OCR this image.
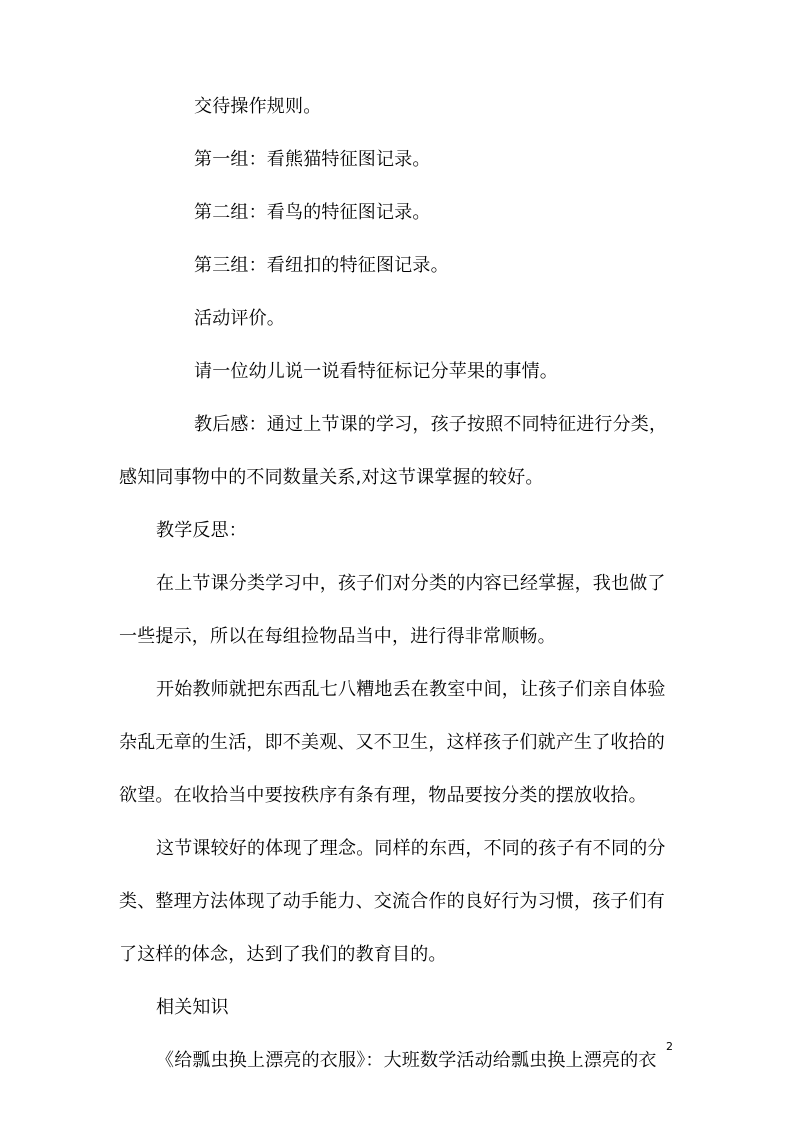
交待操作规则。
第一组：看熊猫特征图记录。
第二组：看鸟的特征图记录。
第三组：看纽扣的特征图记录。
活动评价。
请一位幼儿说一说看特征标记分苹果的事情。
教后感：通过上节课的学习，孩子按照不同特征进行分类，
感知同事物中的不同数量关系,对这节课掌握的较好。
教学反思：
在上节课分类学习中，孩子们对分类的内容已经掌握，我也做了
一些提示，所以在每组捡物品当中，进行得非常顺畅。
开始教师就把东西乱七八糟地丢在教室中间，让孩子们亲自体验
杂乱无章的生活，即不美观、又不卫生，这样孩子们就产生了收拾的
欲望。在收拾当中要按秩序有条有理，物品要按分类的摆放收拾。
这节课较好的体现了理念。同样的东西，不同的孩子有不同的分
类、整理方法体现了动手能力、交流合作的良好行为习惯，孩子们有
了这样的体念，达到了我们的教育目的。
相关知识
《给瓢虫换上漂亮的衣服》：大班数学活动给瓢虫换上漂亮的衣
2
